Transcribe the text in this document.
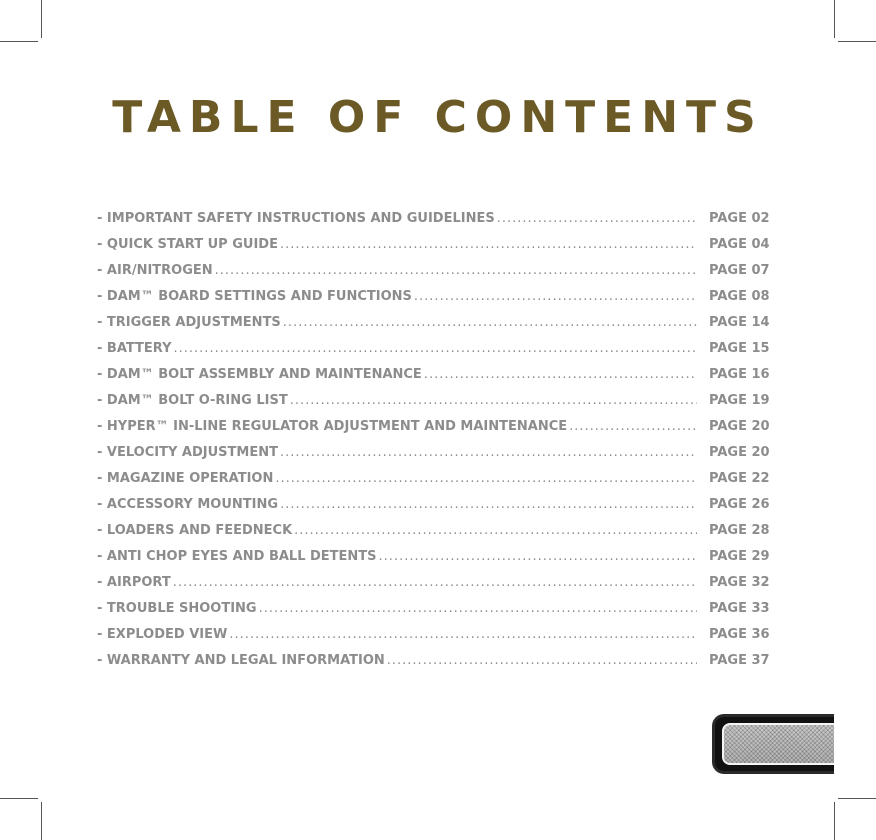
TABLE OF CONTENTS
- IMPORTANT SAFETY INSTRUCTIONS AND GUIDELINES .....	PAGE 02
- QUICK START UP GUIDE .....	PAGE 04
- AIR/NITROGEN .....	PAGE 07
- DAM™ BOARD SETTINGS AND FUNCTIONS .....	PAGE 08
- TRIGGER ADJUSTMENTS .....	PAGE 14
- BATTERY .....	PAGE 15
- DAM™ BOLT ASSEMBLY AND MAINTENANCE .....	PAGE 16
- DAM™ BOLT O-RING LIST .....	PAGE 19
- HYPER™ IN-LINE REGULATOR ADJUSTMENT AND MAINTENANCE .....	PAGE 20
- VELOCITY ADJUSTMENT .....	PAGE 20
- MAGAZINE OPERATION .....	PAGE 22
- ACCESSORY MOUNTING .....	PAGE 26
- LOADERS AND FEEDNECK .....	PAGE 28
- ANTI CHOP EYES AND BALL DETENTS .....	PAGE 29
- AIRPORT .....	PAGE 32
- TROUBLE SHOOTING .....	PAGE 33
- EXPLODED VIEW .....	PAGE 36
- WARRANTY AND LEGAL INFORMATION .....	PAGE 37
